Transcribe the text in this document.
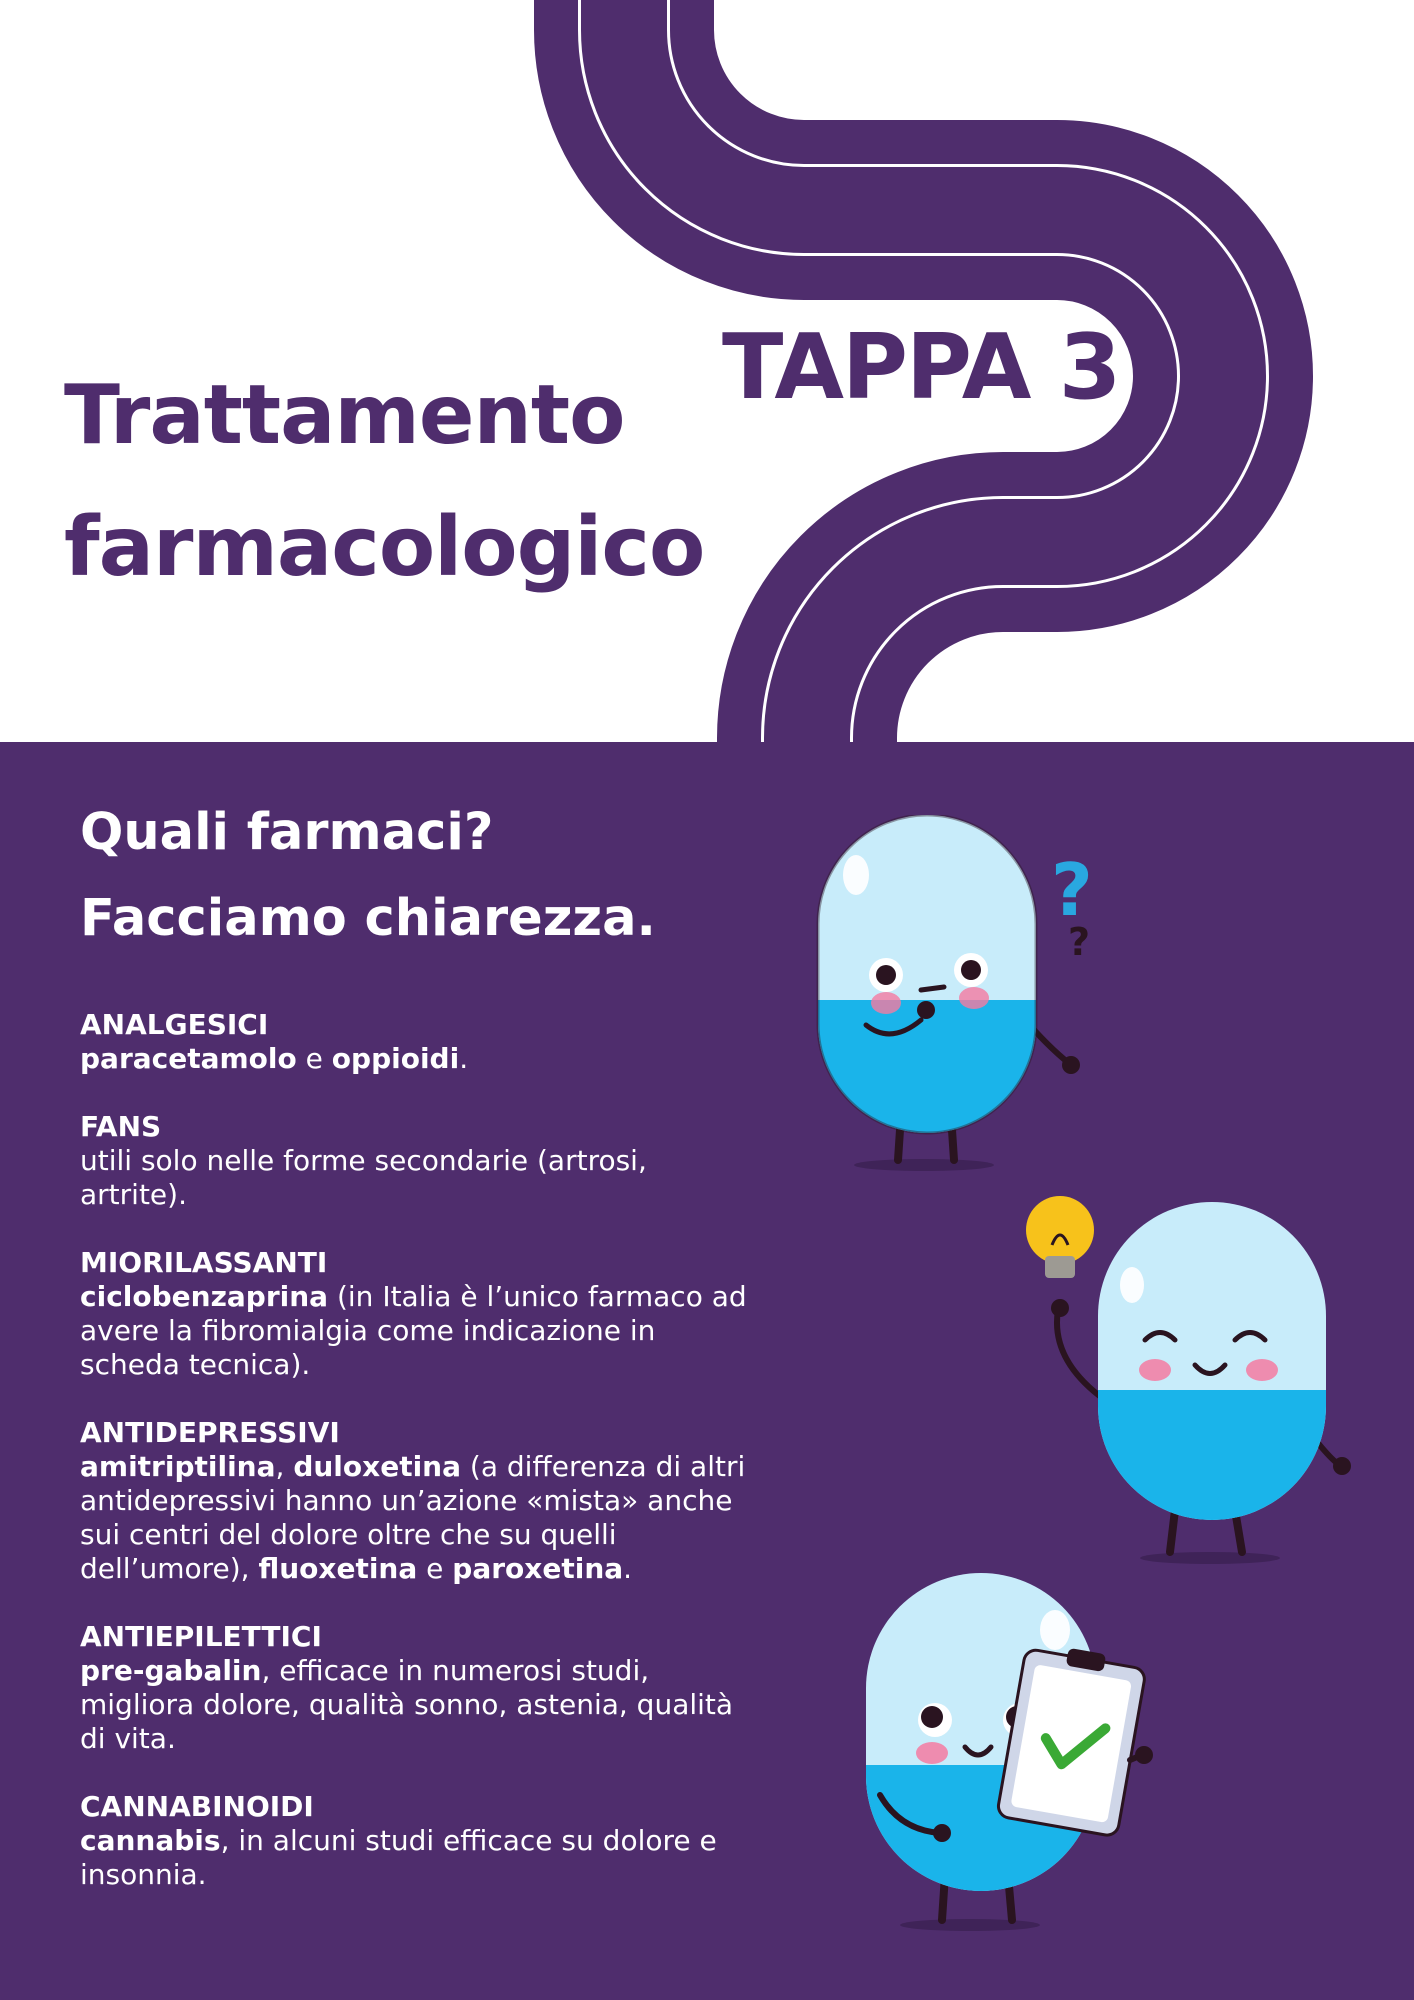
Trattamento
farmacologico
TAPPA 3
Quali farmaci?
Facciamo chiarezza.
ANALGESICI
paracetamolo e oppioidi.
FANS
utili solo nelle forme secondarie (artrosi, artrite).
MIORILASSANTI
ciclobenzaprina (in Italia è l’unico farmaco ad avere la fibromialgia come indicazione in scheda tecnica).
ANTIDEPRESSIVI
amitriptilina, duloxetina (a differenza di altri antidepressivi hanno un’azione «mista» anche sui centri del dolore oltre che su quelli dell’umore), fluoxetina e paroxetina.
ANTIEPILETTICI
pre-gabalin, efficace in numerosi studi, migliora dolore, qualità sonno, astenia, qualità di vita.
CANNABINOIDI
cannabis, in alcuni studi efficace su dolore e insonnia.
?
?
